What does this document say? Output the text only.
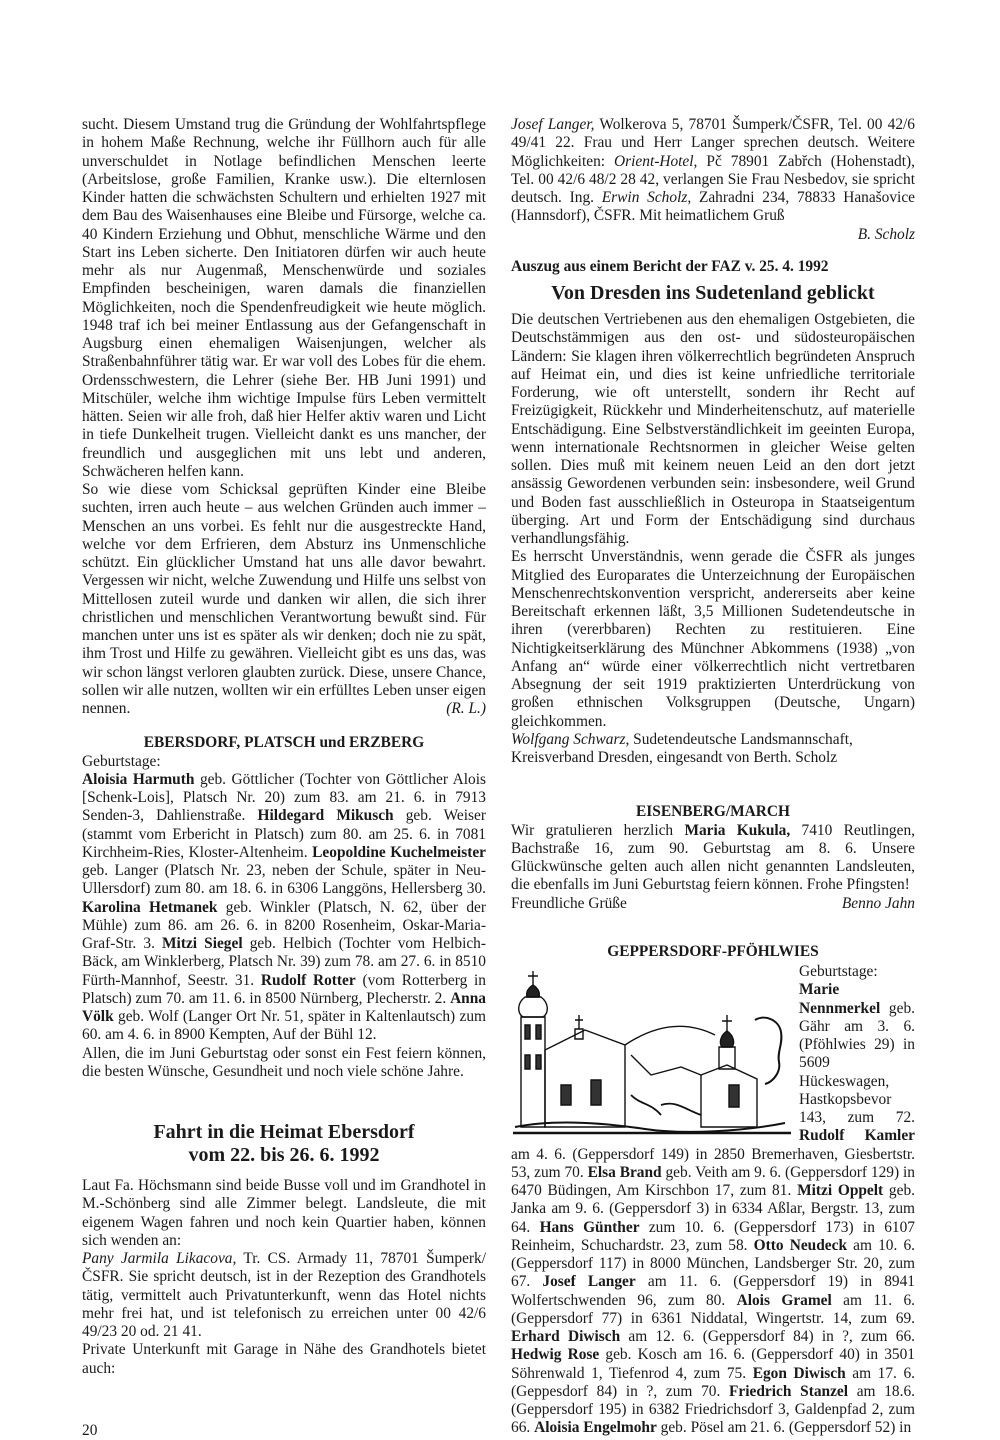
sucht. Diesem Umstand trug die Gründung der Wohlfahrtspflege in hohem Maße Rechnung, welche ihr Füllhorn auch für alle unverschuldet in Notlage befindlichen Menschen leerte (Arbeitslose, große Familien, Kranke usw.). Die elternlosen Kinder hatten die schwächsten Schultern und erhielten 1927 mit dem Bau des Waisenhauses eine Bleibe und Fürsorge, welche ca. 40 Kindern Erziehung und Obhut, menschliche Wärme und den Start ins Leben sicherte. Den Initiatoren dürfen wir auch heute mehr als nur Augenmaß, Menschenwürde und soziales Empfinden bescheinigen, waren damals die finanziellen Möglichkeiten, noch die Spendenfreudigkeit wie heute möglich. 1948 traf ich bei meiner Entlassung aus der Gefangenschaft in Augsburg einen ehemaligen Waisenjungen, welcher als Straßenbahnführer tätig war. Er war voll des Lobes für die ehem. Ordensschwestern, die Lehrer (siehe Ber. HB Juni 1991) und Mitschüler, welche ihm wichtige Impulse fürs Leben vermittelt hätten. Seien wir alle froh, daß hier Helfer aktiv waren und Licht in tiefe Dunkelheit trugen. Vielleicht dankt es uns mancher, der freundlich und ausgeglichen mit uns lebt und anderen, Schwächeren helfen kann.

So wie diese vom Schicksal geprüften Kinder eine Bleibe suchten, irren auch heute – aus welchen Gründen auch immer – Menschen an uns vorbei. Es fehlt nur die ausgestreckte Hand, welche vor dem Erfrieren, dem Absturz ins Unmenschliche schützt. Ein glücklicher Umstand hat uns alle davor bewahrt. Vergessen wir nicht, welche Zuwendung und Hilfe uns selbst von Mittellosen zuteil wurde und danken wir allen, die sich ihrer christlichen und menschlichen Verantwortung bewußt sind. Für manchen unter uns ist es später als wir denken; doch nie zu spät, ihm Trost und Hilfe zu gewähren. Vielleicht gibt es uns das, was wir schon längst verloren glaubten zurück. Diese, unsere Chance, sollen wir alle nutzen, wollten wir ein erfülltes Leben unser eigen nennen.	(R. L.)

EBERSDORF, PLATSCH und ERZBERG

Geburtstage:

Aloisia Harmuth geb. Göttlicher (Tochter von Göttlicher Alois [Schenk-Lois], Platsch Nr. 20) zum 83. am 21. 6. in 7913 Senden-3, Dahlienstraße. Hildegard Mikusch geb. Weiser (stammt vom Erbericht in Platsch) zum 80. am 25. 6. in 7081 Kirchheim-Ries, Kloster-Altenheim. Leopoldine Kuchelmeister geb. Langer (Platsch Nr. 23, neben der Schule, später in Neu-Ullersdorf) zum 80. am 18. 6. in 6306 Langgöns, Hellersberg 30. Karolina Hetmanek geb. Winkler (Platsch, N. 62, über der Mühle) zum 86. am 26. 6. in 8200 Rosenheim, Oskar-Maria-Graf-Str. 3. Mitzi Siegel geb. Helbich (Tochter vom Helbich-Bäck, am Winklerberg, Platsch Nr. 39) zum 78. am 27. 6. in 8510 Fürth-Mannhof, Seestr. 31. Rudolf Rotter (vom Rotterberg in Platsch) zum 70. am 11. 6. in 8500 Nürnberg, Plecherstr. 2. Anna Völk geb. Wolf (Langer Ort Nr. 51, später in Kaltenlautsch) zum 60. am 4. 6. in 8900 Kempten, Auf der Bühl 12.

Allen, die im Juni Geburtstag oder sonst ein Fest feiern können, die besten Wünsche, Gesundheit und noch viele schöne Jahre.

Fahrt in die Heimat Ebersdorf
vom 22. bis 26. 6. 1992

Laut Fa. Höchsmann sind beide Busse voll und im Grandhotel in M.-Schönberg sind alle Zimmer belegt. Landsleute, die mit eigenem Wagen fahren und noch kein Quartier haben, können sich wenden an:

Pany Jarmila Likacova, Tr. CS. Armady 11, 78701 Šumperk/ČSFR. Sie spricht deutsch, ist in der Rezeption des Grandhotels tätig, vermittelt auch Privatunterkunft, wenn das Hotel nichts mehr frei hat, und ist telefonisch zu erreichen unter 00 42/6 49/23 20 od. 21 41.

Private Unterkunft mit Garage in Nähe des Grandhotels bietet auch:

20

Josef Langer, Wolkerova 5, 78701 Šumperk/ČSFR, Tel. 00 42/6 49/41 22. Frau und Herr Langer sprechen deutsch. Weitere Möglichkeiten: Orient-Hotel, Pč 78901 Zabřch (Hohenstadt), Tel. 00 42/6 48/2 28 42, verlangen Sie Frau Nesbedov, sie spricht deutsch. Ing. Erwin Scholz, Zahradni 234, 78833 Hanašovice (Hannsdorf), ČSFR. Mit heimatlichem Gruß

B. Scholz

Auszug aus einem Bericht der FAZ v. 25. 4. 1992

Von Dresden ins Sudetenland geblickt

Die deutschen Vertriebenen aus den ehemaligen Ostgebieten, die Deutschstämmigen aus den ost- und südosteuropäischen Ländern: Sie klagen ihren völkerrechtlich begründeten Anspruch auf Heimat ein, und dies ist keine unfriedliche territoriale Forderung, wie oft unterstellt, sondern ihr Recht auf Freizügigkeit, Rückkehr und Minderheitenschutz, auf materielle Entschädigung. Eine Selbstverständlichkeit im geeinten Europa, wenn internationale Rechtsnormen in gleicher Weise gelten sollen. Dies muß mit keinem neuen Leid an den dort jetzt ansässig Gewordenen verbunden sein: insbesondere, weil Grund und Boden fast ausschließlich in Osteuropa in Staatseigentum überging. Art und Form der Entschädigung sind durchaus verhandlungsfähig.

Es herrscht Unverständnis, wenn gerade die ČSFR als junges Mitglied des Europarates die Unterzeichnung der Europäischen Menschenrechtskonvention verspricht, andererseits aber keine Bereitschaft erkennen läßt, 3,5 Millionen Sudetendeutsche in ihren (vererbbaren) Rechten zu restituieren. Eine Nichtigkeitserklärung des Münchner Abkommens (1938) „von Anfang an“ würde einer völkerrechtlich nicht vertretbaren Absegnung der seit 1919 praktizierten Unterdrückung von großen ethnischen Volksgruppen (Deutsche, Ungarn) gleichkommen.

Wolfgang Schwarz, Sudetendeutsche Landsmannschaft, Kreisverband Dresden, eingesandt von Berth. Scholz

EISENBERG/MARCH

Wir gratulieren herzlich Maria Kukula, 7410 Reutlingen, Bachstraße 16, zum 90. Geburtstag am 8. 6. Unsere Glückwünsche gelten auch allen nicht genannten Landsleuten, die ebenfalls im Juni Geburtstag feiern können. Frohe Pfingsten!

Freundliche Grüße	Benno Jahn

GEPPERSDORF-PFÖHLWIES

Geburtstage:

Marie Nennmerkel geb. Gähr am 3. 6. (Pföhlwies 29) in 5609 Hückeswagen, Hastkopsbevor 143, zum 72. Rudolf Kamler am 4. 6. (Geppersdorf 149) in 2850 Bremerhaven, Giesbertstr. 53, zum 70. Elsa Brand geb. Veith am 9. 6. (Geppersdorf 129) in 6470 Büdingen, Am Kirschbon 17, zum 81. Mitzi Oppelt geb. Janka am 9. 6. (Geppersdorf 3) in 6334 Aßlar, Bergstr. 13, zum 64. Hans Günther zum 10. 6. (Geppersdorf 173) in 6107 Reinheim, Schuchardstr. 23, zum 58. Otto Neudeck am 10. 6. (Geppersdorf 117) in 8000 München, Landsberger Str. 20, zum 67. Josef Langer am 11. 6. (Geppersdorf 19) in 8941 Wolfertschwenden 96, zum 80. Alois Gramel am 11. 6. (Geppersdorf 77) in 6361 Niddatal, Wingertstr. 14, zum 69. Erhard Diwisch am 12. 6. (Geppersdorf 84) in ?, zum 66. Hedwig Rose geb. Kosch am 16. 6. (Geppersdorf 40) in 3501 Söhrenwald 1, Tiefenrod 4, zum 75. Egon Diwisch am 17. 6. (Geppesdorf 84) in ?, zum 70. Friedrich Stanzel am 18.6. (Geppersdorf 195) in 6382 Friedrichsdorf 3, Galdenpfad 2, zum 66. Aloisia Engelmohr geb. Pösel am 21. 6. (Geppersdorf 52) in
